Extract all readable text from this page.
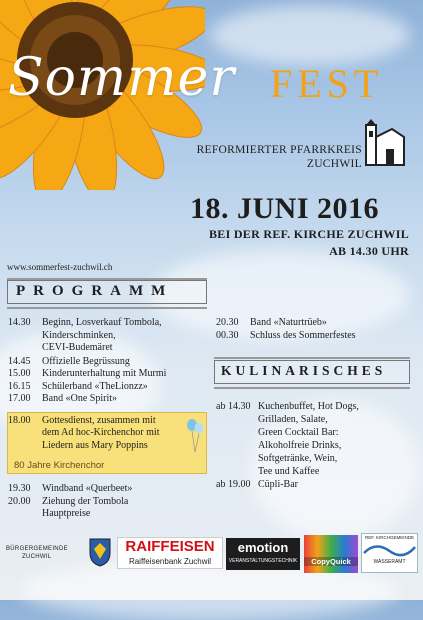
Sommer FEST
REFORMIERTER PFARRKREIS
ZUCHWIL
18. JUNI 2016
BEI DER REF. KIRCHE ZUCHWIL
AB 14.30 UHR
www.sommerfest-zuchwil.ch
PROGRAMM
14.30	Beginn, Losverkauf Tombola,
Kinderschminken,
CEVI-Budemäret
14.45	Offizielle Begrüssung
15.00	Kinderunterhaltung mit Murmi
16.15	Schülerband «TheLionzz»
17.00	Band «One Spirit»
18.00	Gottesdienst, zusammen mit
dem Ad hoc-Kirchenchor mit
Liedern aus Mary Poppins
80 Jahre Kirchenchor
19.30	Windband «Querbeet»
20.00	Ziehung der Tombola
Hauptpreise
20.30	Band «Naturtrüeb»
00.30	Schluss des Sommerfestes
KULINARISCHES
ab 14.30 Kuchenbuffet, Hot Dogs,
Grilladen, Salate,
Green Cocktail Bar:
Alkoholfreie Drinks,
Softgetränke, Wein,
Tee und Kaffee
ab 19.00 Cüpli-Bar
BÜRGERGEMEINDE
ZUCHWIL
RAIFFEISEN
Raiffeisenbank Zuchwil
emotion
VERANSTALTUNGSTECHNIK	CopyQuick
REF. KIRCHGEMEINDE
WASSERAMT
